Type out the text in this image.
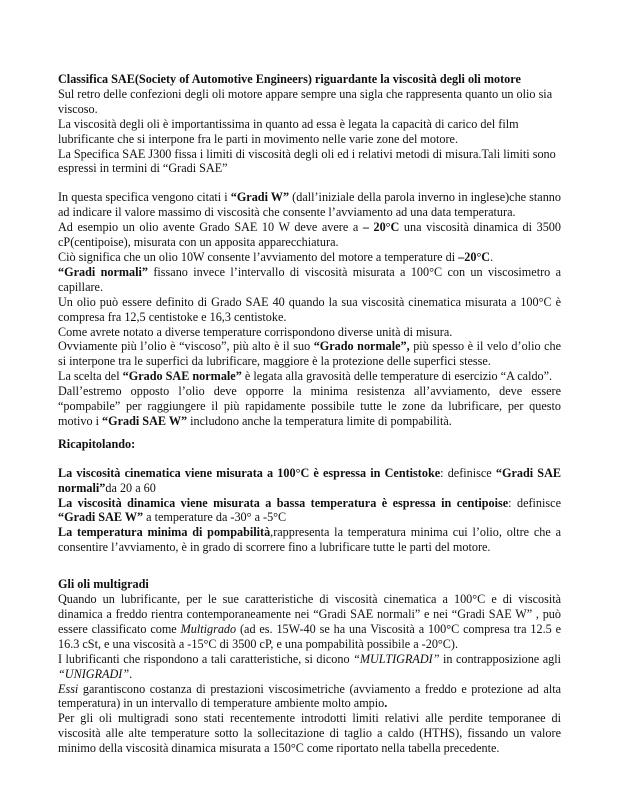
Classifica SAE(Society of Automotive Engineers) riguardante la viscosità degli oli motore

Sul retro delle confezioni degli oli motore appare sempre una sigla che rappresenta quanto un olio sia viscoso.

La viscosità degli oli è importantissima in quanto ad essa è legata la capacità di carico del film lubrificante che si interpone fra le parti in movimento nelle varie zone del motore.

La Specifica SAE J300 fissa i limiti di viscosità degli oli ed i relativi metodi di misura.Tali limiti sono espressi in termini di “Gradi SAE”

In questa specifica vengono citati i “Gradi W” (dall’iniziale della parola inverno in inglese)che stanno ad indicare il valore massimo di viscosità che consente l’avviamento ad una data temperatura.

Ad esempio un olio avente Grado SAE 10 W deve avere a – 20°C una viscosità dinamica di 3500 cP(centipoise), misurata con un apposita apparecchiatura.

Ciò significa che un olio 10W consente l’avviamento del motore a temperature di –20°C.

“Gradi normali” fissano invece l’intervallo di viscosità misurata a 100°C con un viscosimetro a capillare.

Un olio può essere definito di Grado SAE 40 quando la sua viscosità cinematica misurata a 100°C è compresa fra 12,5 centistoke e 16,3 centistoke.

Come avrete notato a diverse temperature corrispondono diverse unità di misura.

Ovviamente più l’olio è “viscoso”, più alto è il suo “Grado normale”, più spesso è il velo d’olio che si interpone tra le superfici da lubrificare, maggiore è la protezione delle superfici stesse.

La scelta del “Grado SAE normale” è legata alla gravosità delle temperature di esercizio “A caldo”.

Dall’estremo opposto l’olio deve opporre la minima resistenza all’avviamento, deve essere “pompabile” per raggiungere il più rapidamente possibile tutte le zone da lubrificare, per questo motivo i “Gradi SAE W” includono anche la temperatura limite di pompabilità.

Ricapitolando:

La viscosità cinematica viene misurata a 100°C è espressa in Centistoke: definisce “Gradi SAE normali”da 20 a 60

La viscosità dinamica viene misurata a bassa temperatura è espressa in centipoise: definisce “Gradi SAE W” a temperature da -30° a -5°C

La temperatura minima di pompabilità,rappresenta la temperatura minima cui l’olio, oltre che a consentire l’avviamento, è in grado di scorrere fino a lubrificare tutte le parti del motore.

Gli oli multigradi

Quando un lubrificante, per le sue caratteristiche di viscosità cinematica a 100°C e di viscosità dinamica a freddo rientra contemporaneamente nei “Gradi SAE normali” e nei “Gradi SAE W” , può essere classificato come Multigrado (ad es. 15W-40 se ha una Viscosità a 100°C compresa tra 12.5 e 16.3 cSt, e una viscosità a -15°C di 3500 cP, e una pompabilità possibile a -20°C).

I lubrificanti che rispondono a tali caratteristiche, si dicono “MULTIGRADI” in contrapposizione agli “UNIGRADI”.

Essi garantiscono costanza di prestazioni viscosimetriche (avviamento a freddo e protezione ad alta temperatura) in un intervallo di temperature ambiente molto ampio.

Per gli oli multigradi sono stati recentemente introdotti limiti relativi alle perdite temporanee di viscosità alle alte temperature sotto la sollecitazione di taglio a caldo (HTHS), fissando un valore minimo della viscosità dinamica misurata a 150°C come riportato nella tabella precedente.
